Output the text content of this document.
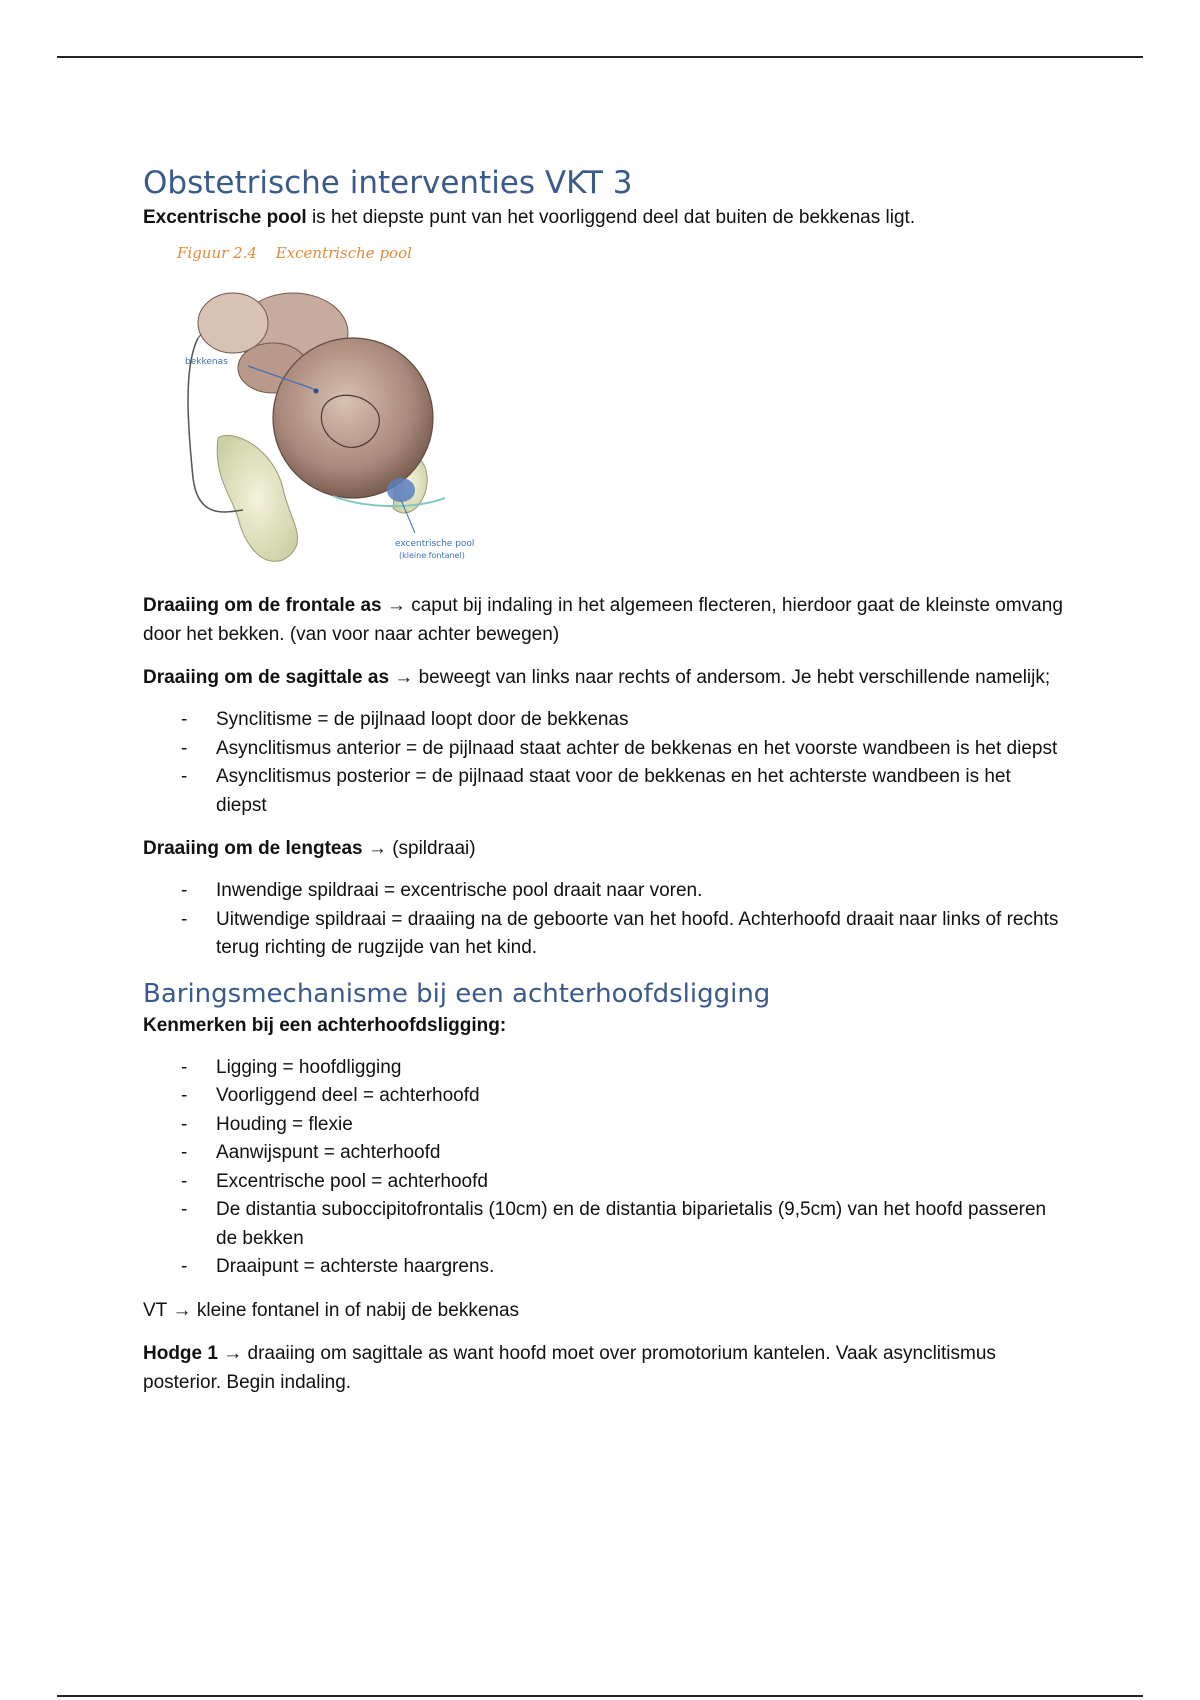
Obstetrische interventies VKT 3

Excentrische pool is het diepste punt van het voorliggend deel dat buiten de bekkenas ligt.

Figuur 2.4 Excentrische pool
bekkenas
excentrische pool
(kleine fontanel)

Draaiing om de frontale as → caput bij indaling in het algemeen flecteren, hierdoor gaat de kleinste omvang door het bekken. (van voor naar achter bewegen)

Draaiing om de sagittale as → beweegt van links naar rechts of andersom. Je hebt verschillende namelijk;

- Synclitisme = de pijlnaad loopt door de bekkenas
- Asynclitismus anterior = de pijlnaad staat achter de bekkenas en het voorste wandbeen is het diepst
- Asynclitismus posterior = de pijlnaad staat voor de bekkenas en het achterste wandbeen is het diepst

Draaiing om de lengteas → (spildraai)

- Inwendige spildraai = excentrische pool draait naar voren.
- Uitwendige spildraai = draaiing na de geboorte van het hoofd. Achterhoofd draait naar links of rechts terug richting de rugzijde van het kind.
Baringsmechanisme bij een achterhoofdsligging

Kenmerken bij een achterhoofdsligging:

- Ligging = hoofdligging
- Voorliggend deel = achterhoofd
- Houding = flexie
- Aanwijspunt = achterhoofd
- Excentrische pool = achterhoofd
- De distantia suboccipitofrontalis (10cm) en de distantia biparietalis (9,5cm) van het hoofd passeren de bekken
- Draaipunt = achterste haargrens.

VT → kleine fontanel in of nabij de bekkenas

Hodge 1 → draaiing om sagittale as want hoofd moet over promotorium kantelen. Vaak asynclitismus posterior. Begin indaling.
